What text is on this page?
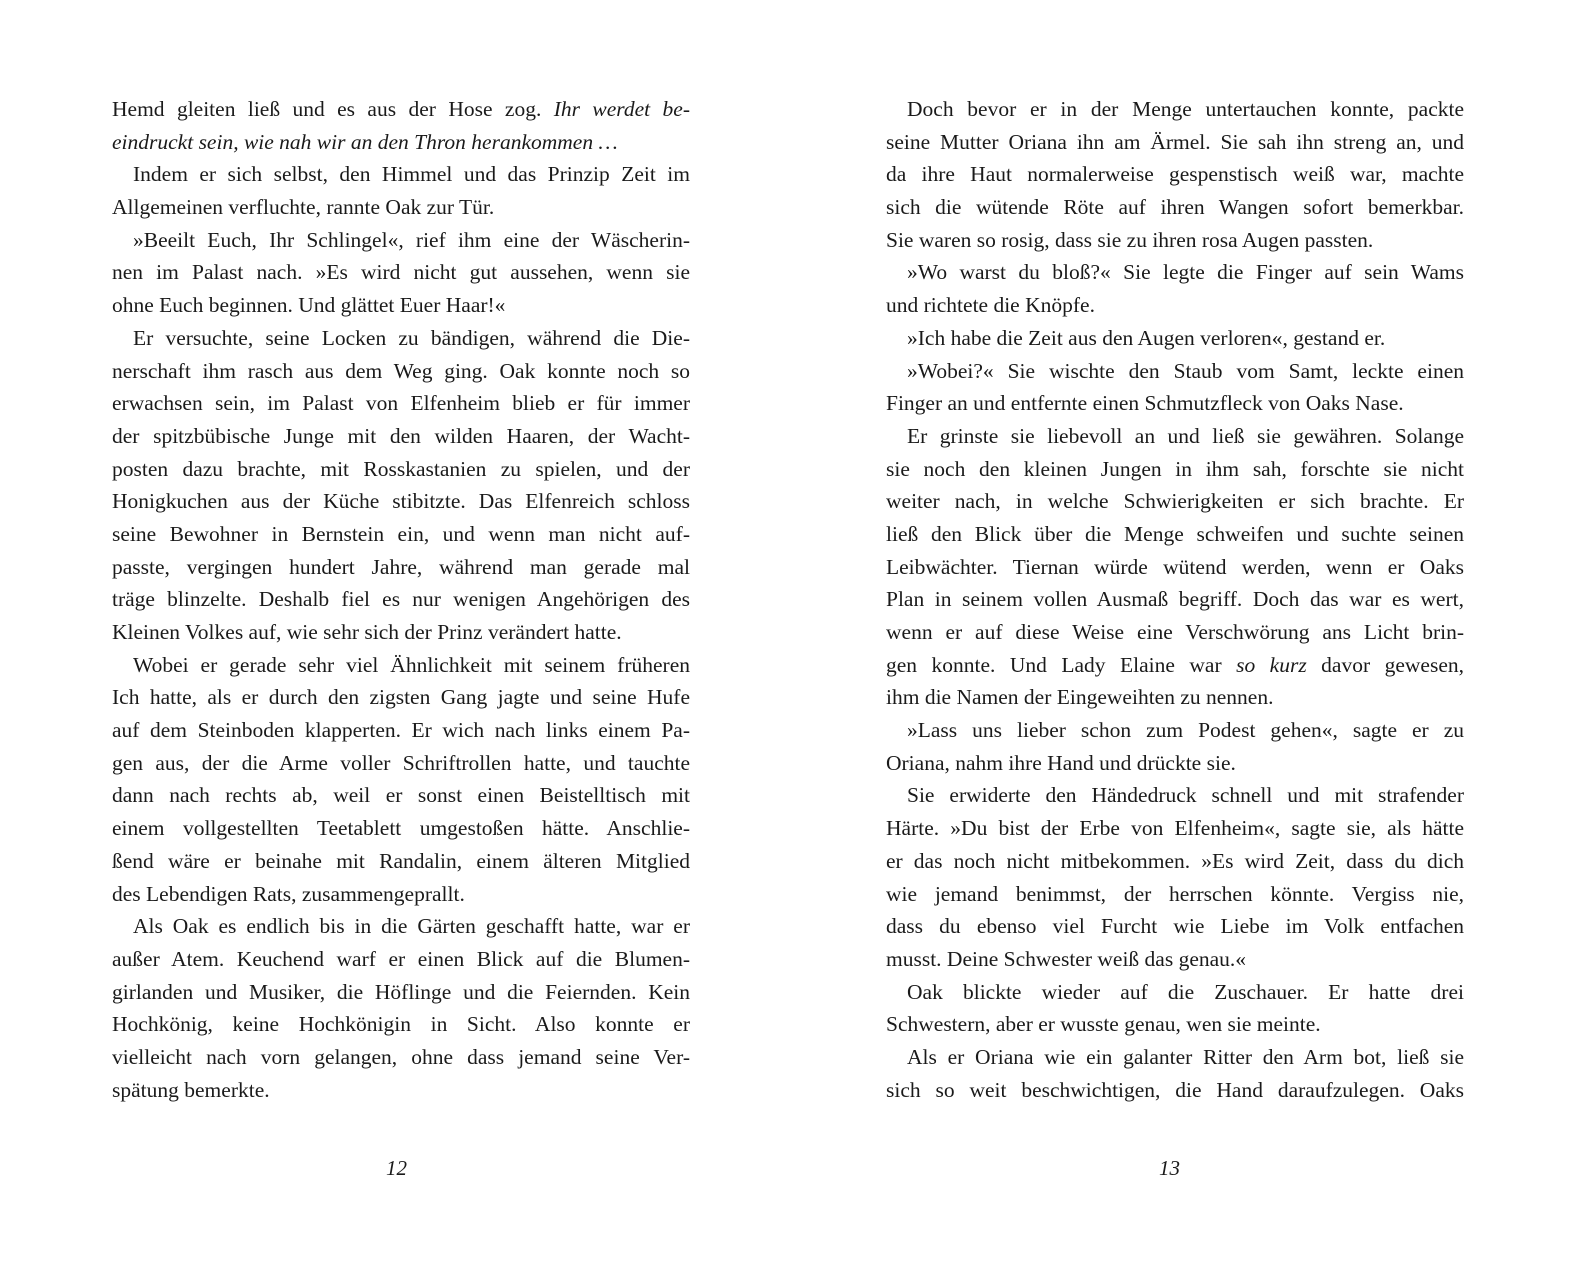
Hemd gleiten ließ und es aus der Hose zog. Ihr werdet be-
eindruckt sein, wie nah wir an den Thron herankommen …
Indem er sich selbst, den Himmel und das Prinzip Zeit im
Allgemeinen verfluchte, rannte Oak zur Tür.
»Beeilt Euch, Ihr Schlingel«, rief ihm eine der Wäscherin-
nen im Palast nach. »Es wird nicht gut aussehen, wenn sie
ohne Euch beginnen. Und glättet Euer Haar!«
Er versuchte, seine Locken zu bändigen, während die Die-
nerschaft ihm rasch aus dem Weg ging. Oak konnte noch so
erwachsen sein, im Palast von Elfenheim blieb er für immer
der spitzbübische Junge mit den wilden Haaren, der Wacht-
posten dazu brachte, mit Rosskastanien zu spielen, und der
Honigkuchen aus der Küche stibitzte. Das Elfenreich schloss
seine Bewohner in Bernstein ein, und wenn man nicht auf-
passte, vergingen hundert Jahre, während man gerade mal
träge blinzelte. Deshalb fiel es nur wenigen Angehörigen des
Kleinen Volkes auf, wie sehr sich der Prinz verändert hatte.
Wobei er gerade sehr viel Ähnlichkeit mit seinem früheren
Ich hatte, als er durch den zigsten Gang jagte und seine Hufe
auf dem Steinboden klapperten. Er wich nach links einem Pa-
gen aus, der die Arme voller Schriftrollen hatte, und tauchte
dann nach rechts ab, weil er sonst einen Beistelltisch mit
einem vollgestellten Teetablett umgestoßen hätte. Anschlie-
ßend wäre er beinahe mit Randalin, einem älteren Mitglied
des Lebendigen Rats, zusammengeprallt.
Als Oak es endlich bis in die Gärten geschafft hatte, war er
außer Atem. Keuchend warf er einen Blick auf die Blumen-
girlanden und Musiker, die Höflinge und die Feiernden. Kein
Hochkönig, keine Hochkönigin in Sicht. Also konnte er
vielleicht nach vorn gelangen, ohne dass jemand seine Ver-
spätung bemerkte.
12
Doch bevor er in der Menge untertauchen konnte, packte
seine Mutter Oriana ihn am Ärmel. Sie sah ihn streng an, und
da ihre Haut normalerweise gespenstisch weiß war, machte
sich die wütende Röte auf ihren Wangen sofort bemerkbar.
Sie waren so rosig, dass sie zu ihren rosa Augen passten.
»Wo warst du bloß?« Sie legte die Finger auf sein Wams
und richtete die Knöpfe.
»Ich habe die Zeit aus den Augen verloren«, gestand er.
»Wobei?« Sie wischte den Staub vom Samt, leckte einen
Finger an und entfernte einen Schmutzfleck von Oaks Nase.
Er grinste sie liebevoll an und ließ sie gewähren. Solange
sie noch den kleinen Jungen in ihm sah, forschte sie nicht
weiter nach, in welche Schwierigkeiten er sich brachte. Er
ließ den Blick über die Menge schweifen und suchte seinen
Leibwächter. Tiernan würde wütend werden, wenn er Oaks
Plan in seinem vollen Ausmaß begriff. Doch das war es wert,
wenn er auf diese Weise eine Verschwörung ans Licht brin-
gen konnte. Und Lady Elaine war so kurz davor gewesen,
ihm die Namen der Eingeweihten zu nennen.
»Lass uns lieber schon zum Podest gehen«, sagte er zu
Oriana, nahm ihre Hand und drückte sie.
Sie erwiderte den Händedruck schnell und mit strafender
Härte. »Du bist der Erbe von Elfenheim«, sagte sie, als hätte
er das noch nicht mitbekommen. »Es wird Zeit, dass du dich
wie jemand benimmst, der herrschen könnte. Vergiss nie,
dass du ebenso viel Furcht wie Liebe im Volk entfachen
musst. Deine Schwester weiß das genau.«
Oak blickte wieder auf die Zuschauer. Er hatte drei
Schwestern, aber er wusste genau, wen sie meinte.
Als er Oriana wie ein galanter Ritter den Arm bot, ließ sie
sich so weit beschwichtigen, die Hand daraufzulegen. Oaks
13
